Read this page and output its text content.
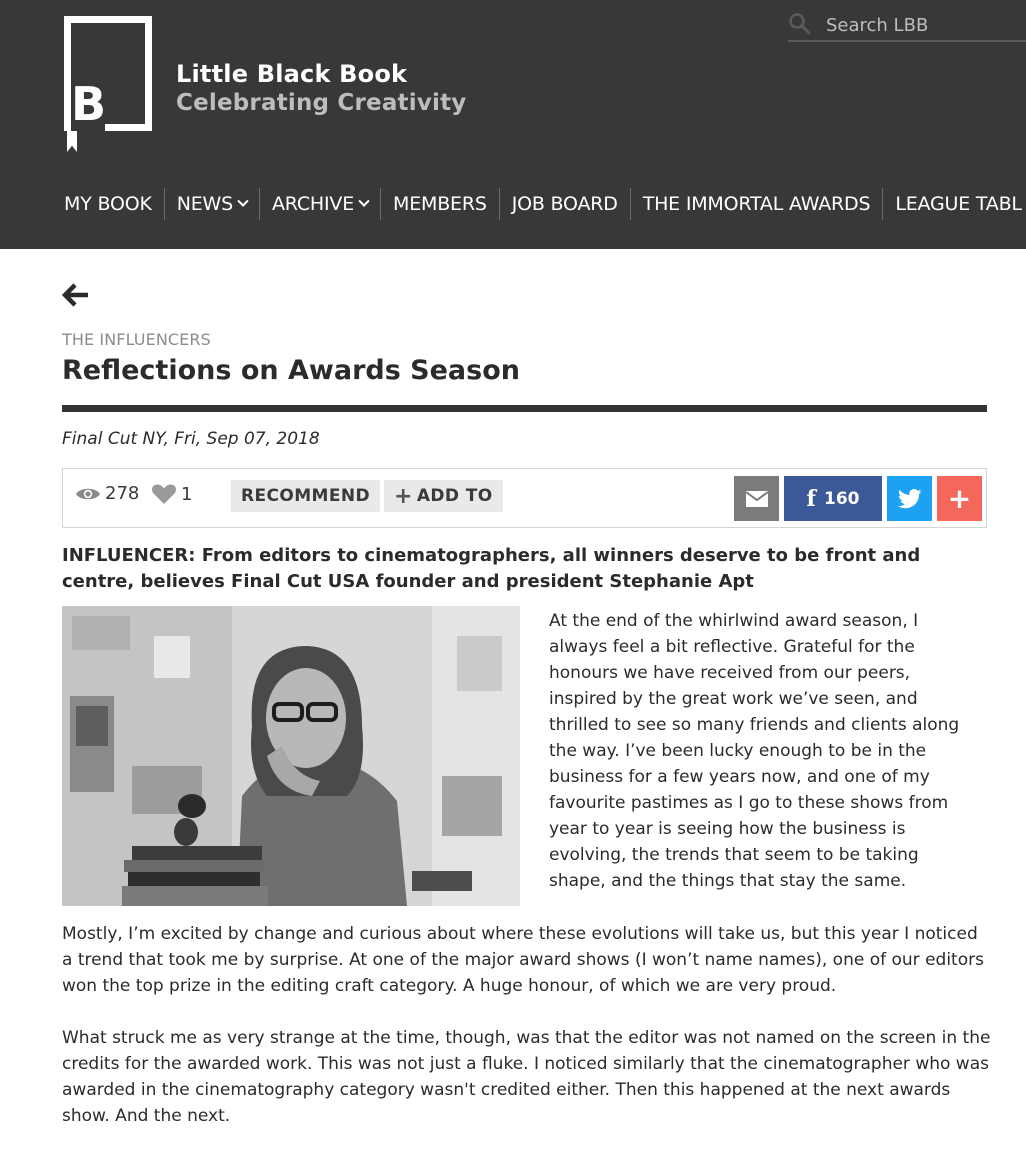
B
Little Black Book
Celebrating Creativity
Search LBB
MY BOOK NEWS ARCHIVE MEMBERS JOB BOARD THE IMMORTAL AWARDS LEAGUE TABL
THE INFLUENCERS
Reflections on Awards Season
Final Cut NY, Fri, Sep 07, 2018
278 1	RECOMMEND + ADD TO	f 160	+

INFLUENCER: From editors to cinematographers, all winners deserve to be front and centre, believes Final Cut USA founder and president Stephanie Apt

At the end of the whirlwind award season, I always feel a bit reflective. Grateful for the honours we have received from our peers, inspired by the great work we’ve seen, and thrilled to see so many friends and clients along the way. I’ve been lucky enough to be in the business for a few years now, and one of my favourite pastimes as I go to these shows from year to year is seeing how the business is evolving, the trends that seem to be taking shape, and the things that stay the same.

Mostly, I’m excited by change and curious about where these evolutions will take us, but this year I noticed a trend that took me by surprise. At one of the major award shows (I won’t name names), one of our editors won the top prize in the editing craft category. A huge honour, of which we are very proud.

What struck me as very strange at the time, though, was that the editor was not named on the screen in the credits for the awarded work. This was not just a fluke. I noticed similarly that the cinematographer who was awarded in the cinematography category wasn't credited either. Then this happened at the next awards show. And the next.
